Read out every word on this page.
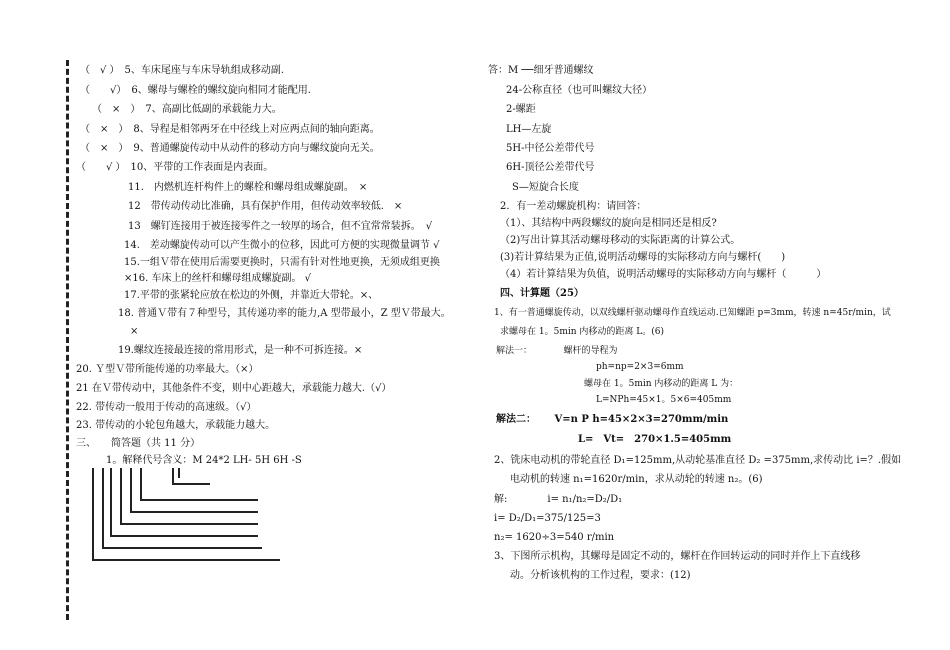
（　√ ）　5、车床尾座与车床导轨组成移动副.
（　　√）　6、螺母与螺栓的螺纹旋向相同才能配用.
（　×　）　7、高副比低副的承载能力大。
（　×　）　8、导程是相邻两牙在中径线上对应两点间的轴向距离。
（　×　）　9、普通螺旋传动中从动件的移动方向与螺纹旋向无关。
（　　√ ）　10、平带的工作表面是内表面。
11.　内燃机连杆构件上的螺栓和螺母组成螺旋副。　×
12　带传动传动比准确，具有保护作用，但传动效率较低.　×
13　螺钉连接用于被连接零件之一较厚的场合，但不宜常常装拆。　√
14.　差动螺旋传动可以产生微小的位移，因此可方便的实现微量调节 √
15.一组Ｖ带在使用后需要更换时，只需有针对性地更换，无须成组更换
×16. 车床上的丝杆和螺母组成螺旋副。 √
17.平带的张紧轮应放在松边的外侧，并靠近大带轮。×、
18. 普通Ｖ带有７种型号，其传递功率的能力,A 型带最小，Z 型Ｖ带最大。
×
19.螺纹连接最连接的常用形式，是一种不可拆连接。×
20. Ｙ型Ｖ带所能传递的功率最大。（×）
21 在Ｖ带传动中，其他条件不变，则中心距越大，承载能力越大.（√）
22. 带传动一般用于传动的高速级。（√）
23. 带传动的小轮包角越大，承载能力越大。
三、　　简答题（共 11 分）
1。解释代号含义：M 24*2 LH- 5H 6H -S
答：M ──细牙普通螺纹
24-公称直径（也可叫螺纹大径）
2-螺距
LH—左旋
5H-中径公差带代号
6H-顶径公差带代号
S—短旋合长度
2．有一差动螺旋机构：请回答：
（1）、其结构中两段螺纹的旋向是相同还是相反?
（2)写出计算其活动螺母移动的实际距离的计算公式。
(3)若计算结果为正值,说明活动螺母的实际移动方向与螺杆(　　)
（4）若计算结果为负值，说明活动螺母的实际移动方向与螺杆（　　　）
四、计算题（25）
1、有一普通螺旋传动，以双线螺杆驱动螺母作直线运动.已知螺距 p=3mm，转速 n=45r/min，试
求螺母在 1。5min 内移动的距离 L。(6)
解法一：　　　　螺杆的导程为
ph=np=2×3=6mm
螺母在 1。5min 内移动的距离 L 为：
L=NPh=45×1。5×6=405mm
解法二：　　 V=n P h=45×2×3=270mm/min
L=　Vt=　270×1.5=405mm
2、铣床电动机的带轮直径 D₁=125mm,从动轮基准直径 D₂ =375mm,求传动比 i=？.假如
电动机的转速 n₁=1620r/min，求从动轮的转速 n₂。(6)
解:　　　　i= n₁/n₂=D₂/D₁
i= D₂/D₁=375/125=3
n₂= 1620÷3=540 r/min
3、下图所示机构，其螺母是固定不动的，螺杆在作回转运动的同时并作上下直线移
动。分析该机构的工作过程，要求：(12)
